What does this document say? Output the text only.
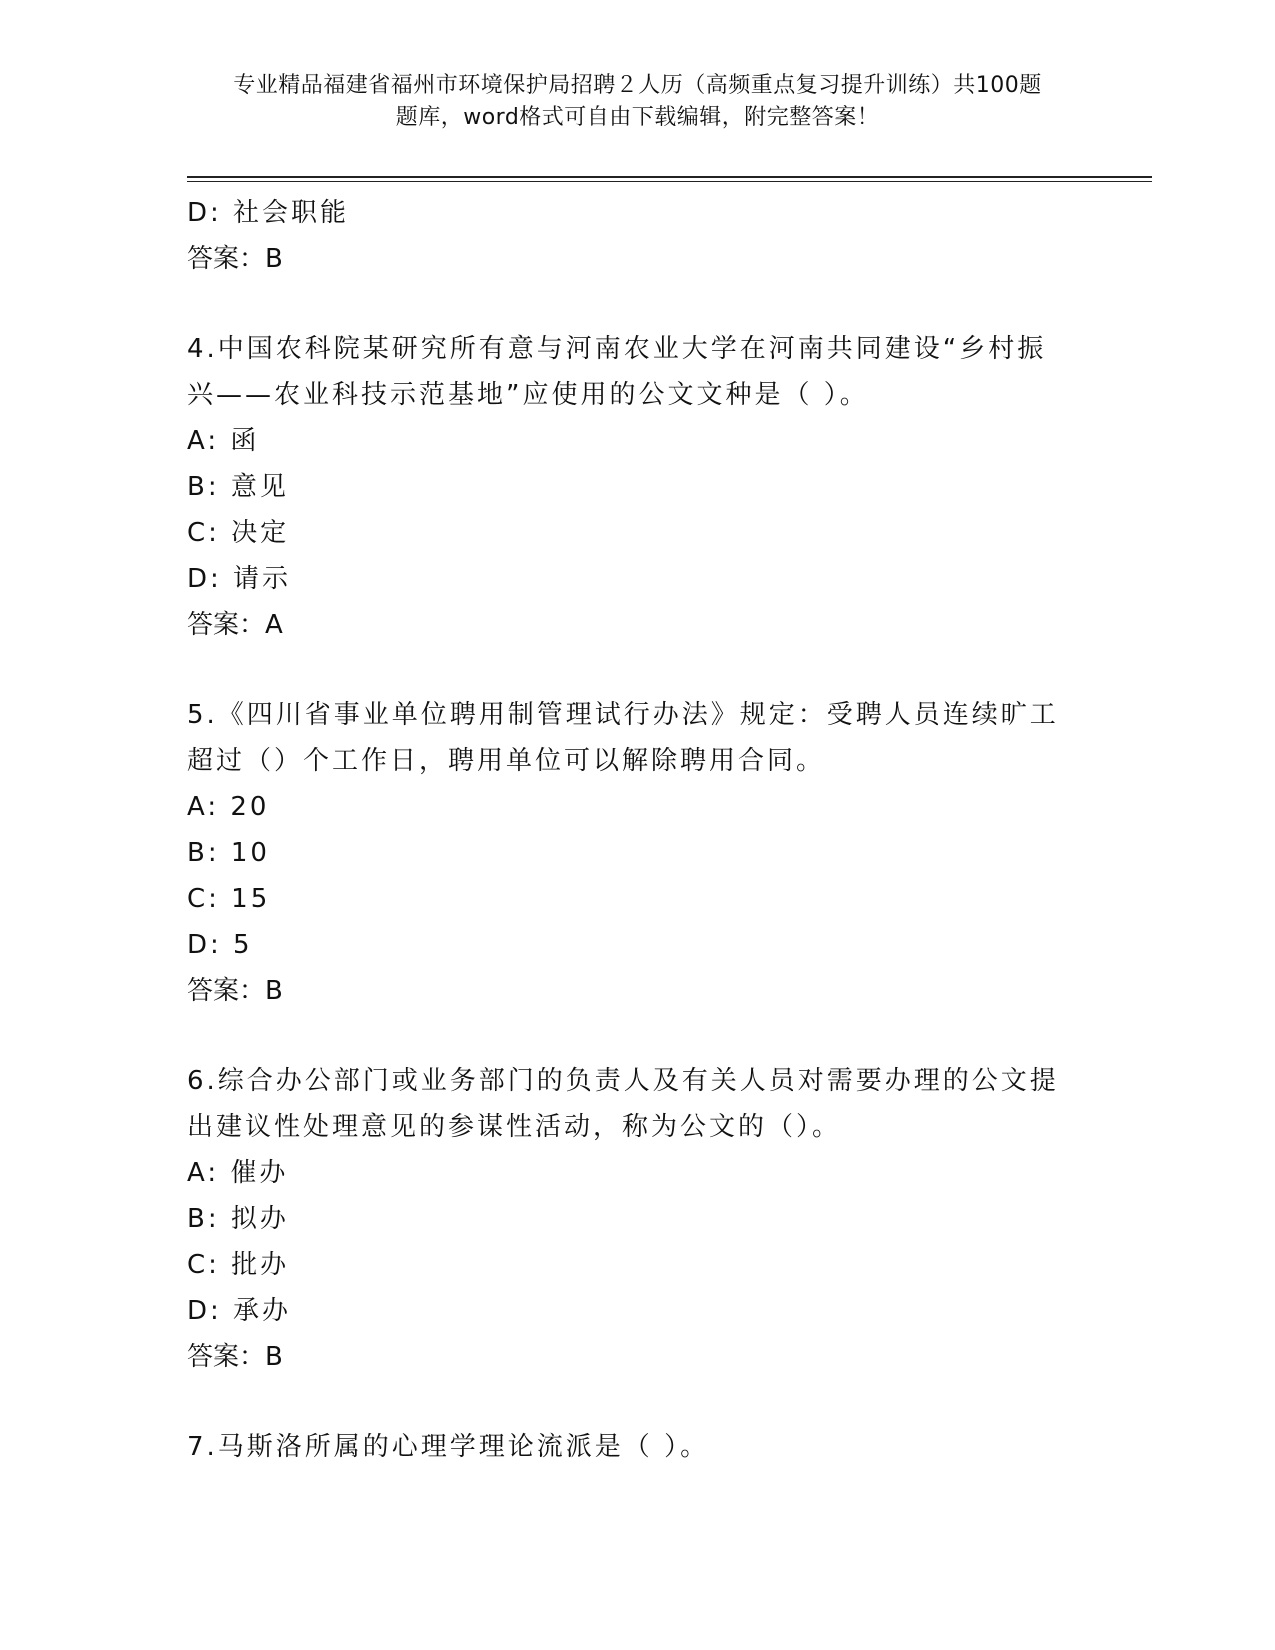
专业精品福建省福州市环境保护局招聘２人历（高频重点复习提升训练）共100题

题库，word格式可自由下载编辑，附完整答案！
D: 社会职能
答案：B
4.中国农科院某研究所有意与河南农业大学在河南共同建设“乡村振
兴——农业科技示范基地”应使用的公文文种是（ ）。
A: 函
B: 意见
C: 决定
D: 请示
答案：A
5.《四川省事业单位聘用制管理试行办法》规定：受聘人员连续旷工
超过（）个工作日，聘用单位可以解除聘用合同。
A: 20
B: 10
C: 15
D: 5
答案：B
6.综合办公部门或业务部门的负责人及有关人员对需要办理的公文提
出建议性处理意见的参谋性活动，称为公文的（）。
A: 催办
B: 拟办
C: 批办
D: 承办
答案：B
7.马斯洛所属的心理学理论流派是（ ）。
